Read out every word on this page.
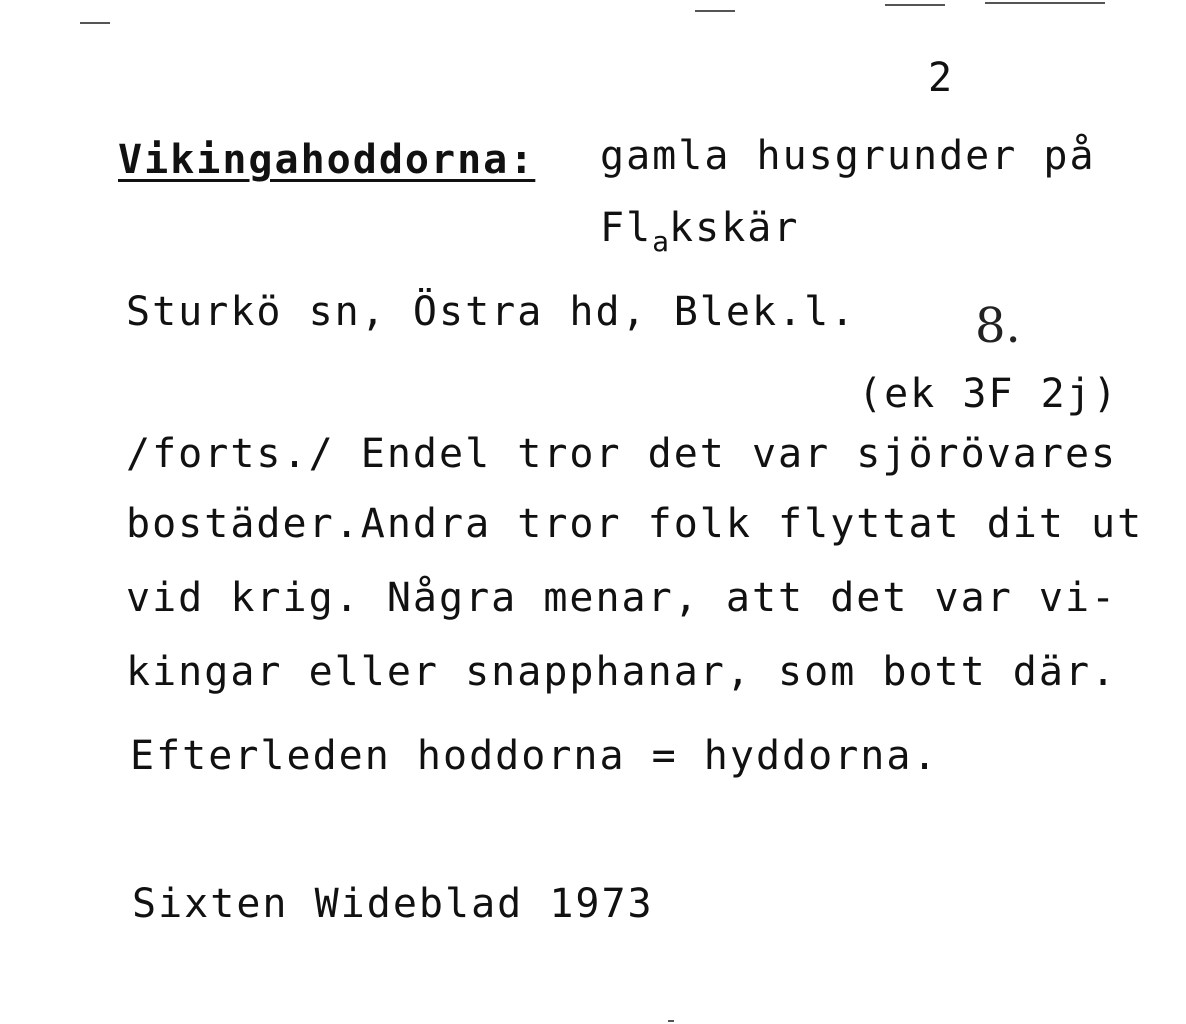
2
Vikingahoddorna: gamla husgrunder på
$Fl_akskär$
Sturkö sn, Östra hd, Blek.l. 8.
(ek 3F 2j)
/forts./ Endel tror det var sjörövares
bostäder.Andra tror folk flyttat dit ut
vid krig. Några menar, att det var vi-
kingar eller snapphanar, som bott där.
Efterleden hoddorna = hyddorna.
Sixten Wideblad 1973
